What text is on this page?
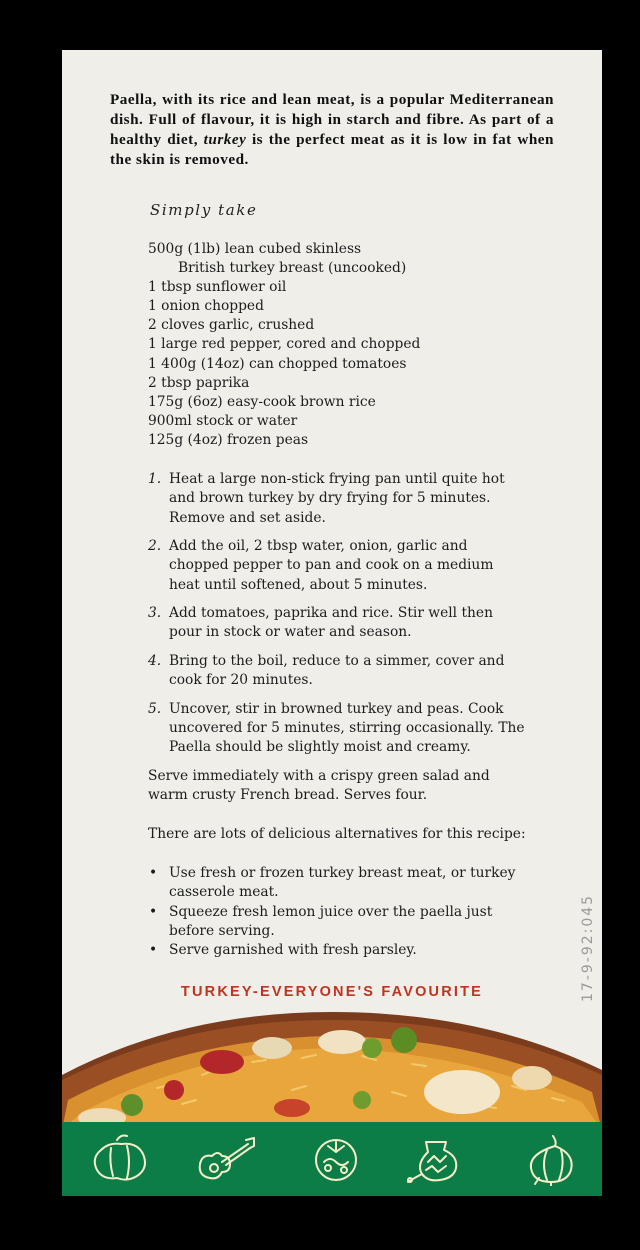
Paella, with its rice and lean meat, is a popular Mediterranean dish. Full of flavour, it is high in starch and fibre. As part of a healthy diet, turkey is the perfect meat as it is low in fat when the skin is removed.

Simply take
500g (1lb) lean cubed skinless
British turkey breast (uncooked)
1 tbsp sunflower oil
1 onion chopped
2 cloves garlic, crushed
1 large red pepper, cored and chopped
1 400g (14oz) can chopped tomatoes
2 tbsp paprika
175g (6oz) easy-cook brown rice
900ml stock or water
125g (4oz) frozen peas
1. Heat a large non-stick frying pan until quite hot and brown turkey by dry frying for 5 minutes. Remove and set aside.
2. Add the oil, 2 tbsp water, onion, garlic and chopped pepper to pan and cook on a medium heat until softened, about 5 minutes.
3. Add tomatoes, paprika and rice. Stir well then pour in stock or water and season.
4. Bring to the boil, reduce to a simmer, cover and cook for 20 minutes.
5. Uncover, stir in browned turkey and peas. Cook uncovered for 5 minutes, stirring occasionally. The Paella should be slightly moist and creamy.

Serve immediately with a crispy green salad and warm crusty French bread. Serves four.

There are lots of delicious alternatives for this recipe:

• Use fresh or frozen turkey breast meat, or turkey casserole meat.
• Squeeze fresh lemon juice over the paella just before serving.
• Serve garnished with fresh parsley.
TURKEY-EVERYONE'S FAVOURITE	17-9-92:045
